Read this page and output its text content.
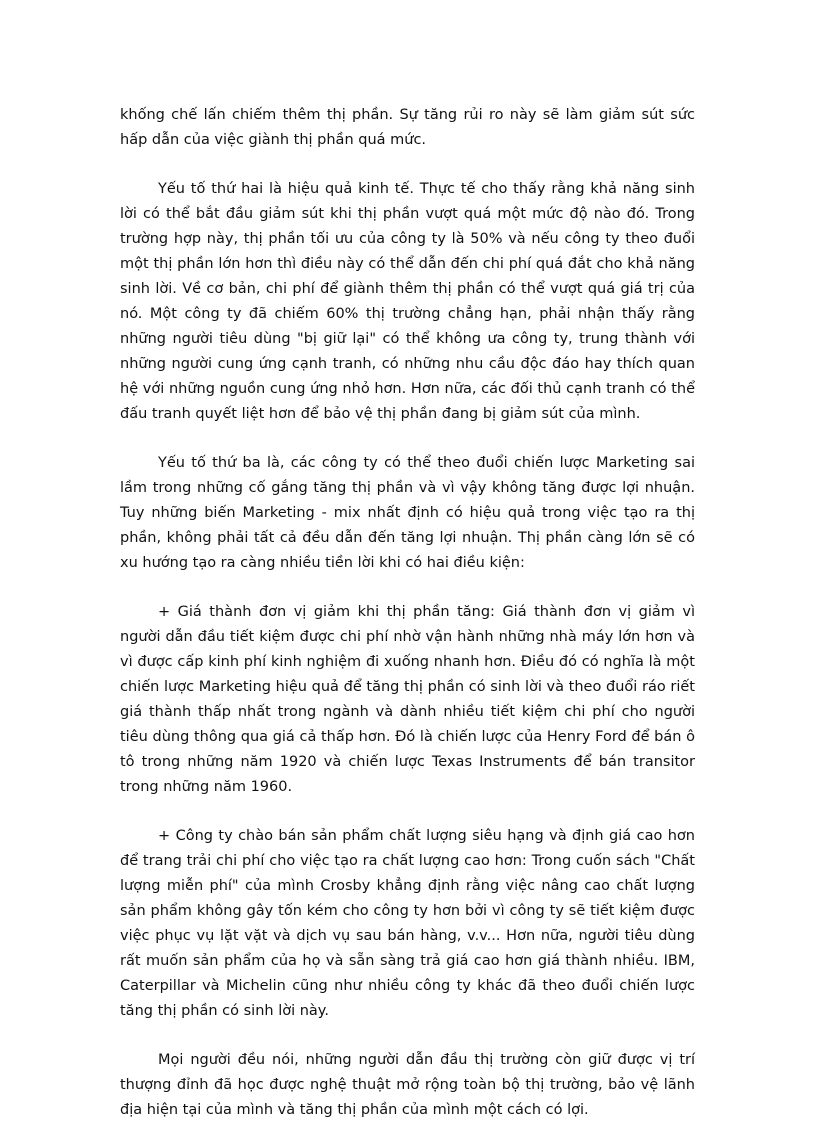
khống chế lấn chiếm thêm thị phần. Sự tăng rủi ro này sẽ làm giảm sút sức hấp dẫn của việc giành thị phần quá mức.

Yếu tố thứ hai là hiệu quả kinh tế. Thực tế cho thấy rằng khả năng sinh lời có thể bắt đầu giảm sút khi thị phần vượt quá một mức độ nào đó. Trong trường hợp này, thị phần tối ưu của công ty là 50% và nếu công ty theo đuổi một thị phần lớn hơn thì điều này có thể dẫn đến chi phí quá đắt cho khả năng sinh lời. Về cơ bản, chi phí để giành thêm thị phần có thể vượt quá giá trị của nó. Một công ty đã chiếm 60% thị trường chẳng hạn, phải nhận thấy rằng những người tiêu dùng "bị giữ lại" có thể không ưa công ty, trung thành với những người cung ứng cạnh tranh, có những nhu cầu độc đáo hay thích quan hệ với những nguồn cung ứng nhỏ hơn. Hơn nữa, các đối thủ cạnh tranh có thể đấu tranh quyết liệt hơn để bảo vệ thị phần đang bị giảm sút của mình.

Yếu tố thứ ba là, các công ty có thể theo đuổi chiến lược Marketing sai lầm trong những cố gắng tăng thị phần và vì vậy không tăng được lợi nhuận. Tuy những biến Marketing - mix nhất định có hiệu quả trong việc tạo ra thị phần, không phải tất cả đều dẫn đến tăng lợi nhuận. Thị phần càng lớn sẽ có xu hướng tạo ra càng nhiều tiền lời khi có hai điều kiện:

+ Giá thành đơn vị giảm khi thị phần tăng: Giá thành đơn vị giảm vì người dẫn đầu tiết kiệm được chi phí nhờ vận hành những nhà máy lớn hơn và vì được cấp kinh phí kinh nghiệm đi xuống nhanh hơn. Điều đó có nghĩa là một chiến lược Marketing hiệu quả để tăng thị phần có sinh lời và theo đuổi ráo riết giá thành thấp nhất trong ngành và dành nhiều tiết kiệm chi phí cho người tiêu dùng thông qua giá cả thấp hơn. Đó là chiến lược của Henry Ford để bán ô tô trong những năm 1920 và chiến lược Texas Instruments để bán transitor trong những năm 1960.

+ Công ty chào bán sản phẩm chất lượng siêu hạng và định giá cao hơn để trang trải chi phí cho việc tạo ra chất lượng cao hơn: Trong cuốn sách "Chất lượng miễn phí" của mình Crosby khẳng định rằng việc nâng cao chất lượng sản phẩm không gây tốn kém cho công ty hơn bởi vì công ty sẽ tiết kiệm được việc phục vụ lặt vặt và dịch vụ sau bán hàng, v.v... Hơn nữa, người tiêu dùng rất muốn sản phẩm của họ và sẵn sàng trả giá cao hơn giá thành nhiều. IBM, Caterpillar và Michelin cũng như nhiều công ty khác đã theo đuổi chiến lược tăng thị phần có sinh lời này.

Mọi người đều nói, những người dẫn đầu thị trường còn giữ được vị trí thượng đỉnh đã học được nghệ thuật mở rộng toàn bộ thị trường, bảo vệ lãnh địa hiện tại của mình và tăng thị phần của mình một cách có lợi.
